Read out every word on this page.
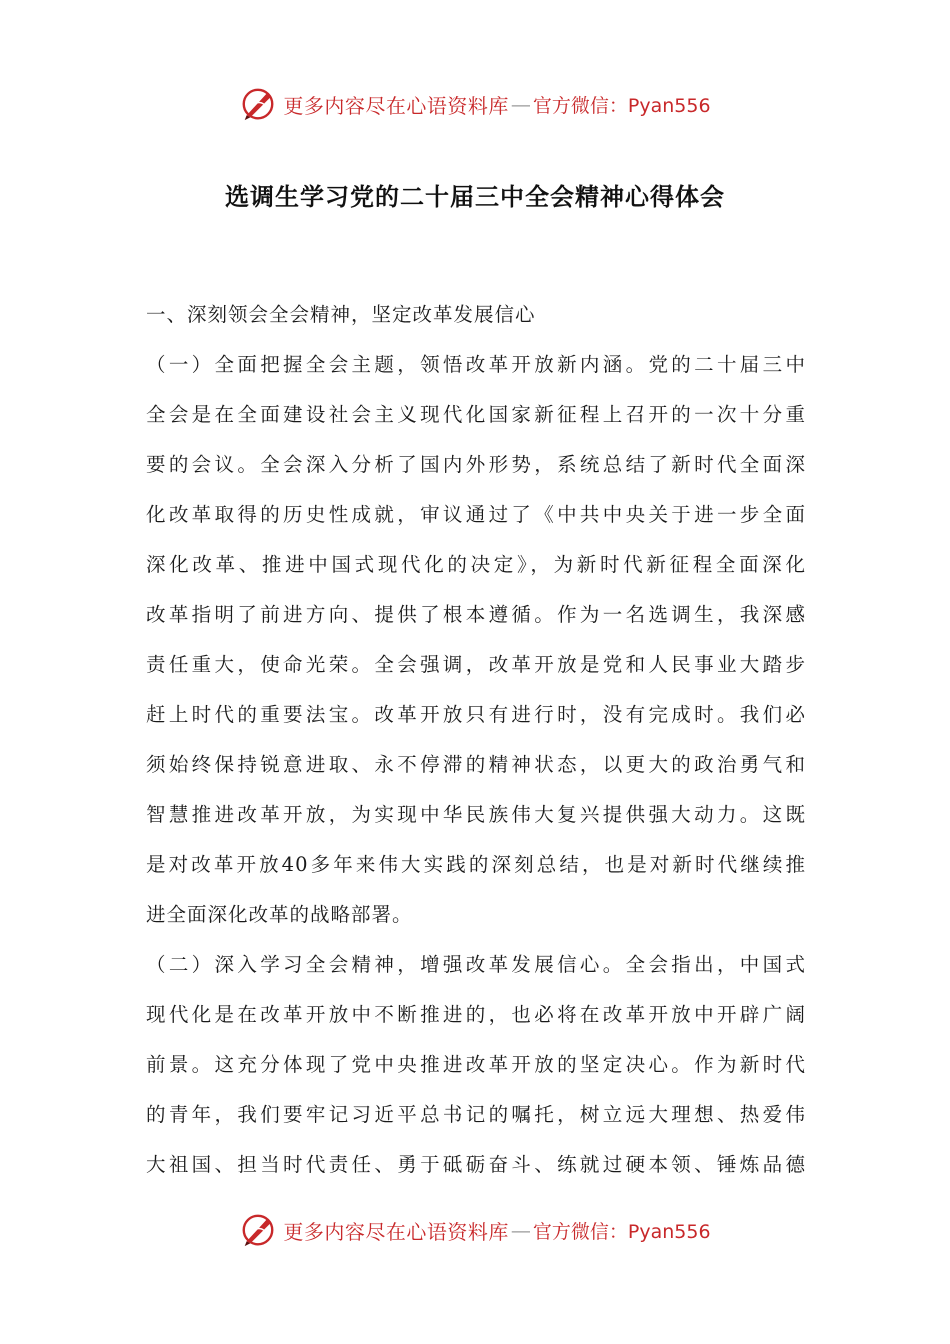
更多内容尽在心语资料库 — 官方微信：Pyan556
选调生学习党的二十届三中全会精神心得体会

一、深刻领会全会精神，坚定改革发展信心

（一）全面把握全会主题，领悟改革开放新内涵。党的二十届三中
全会是在全面建设社会主义现代化国家新征程上召开的一次十分重
要的会议。全会深入分析了国内外形势，系统总结了新时代全面深
化改革取得的历史性成就，审议通过了《中共中央关于进一步全面
深化改革、推进中国式现代化的决定》，为新时代新征程全面深化
改革指明了前进方向、提供了根本遵循。作为一名选调生，我深感
责任重大，使命光荣。全会强调，改革开放是党和人民事业大踏步
赶上时代的重要法宝。改革开放只有进行时，没有完成时。我们必
须始终保持锐意进取、永不停滞的精神状态，以更大的政治勇气和
智慧推进改革开放，为实现中华民族伟大复兴提供强大动力。这既
是对改革开放40多年来伟大实践的深刻总结，也是对新时代继续推
进全面深化改革的战略部署。

（二）深入学习全会精神，增强改革发展信心。全会指出，中国式
现代化是在改革开放中不断推进的，也必将在改革开放中开辟广阔
前景。这充分体现了党中央推进改革开放的坚定决心。作为新时代
的青年，我们要牢记习近平总书记的嘱托，树立远大理想、热爱伟
大祖国、担当时代责任、勇于砥砺奋斗、练就过硬本领、锤炼品德

更多内容尽在心语资料库 — 官方微信：Pyan556
